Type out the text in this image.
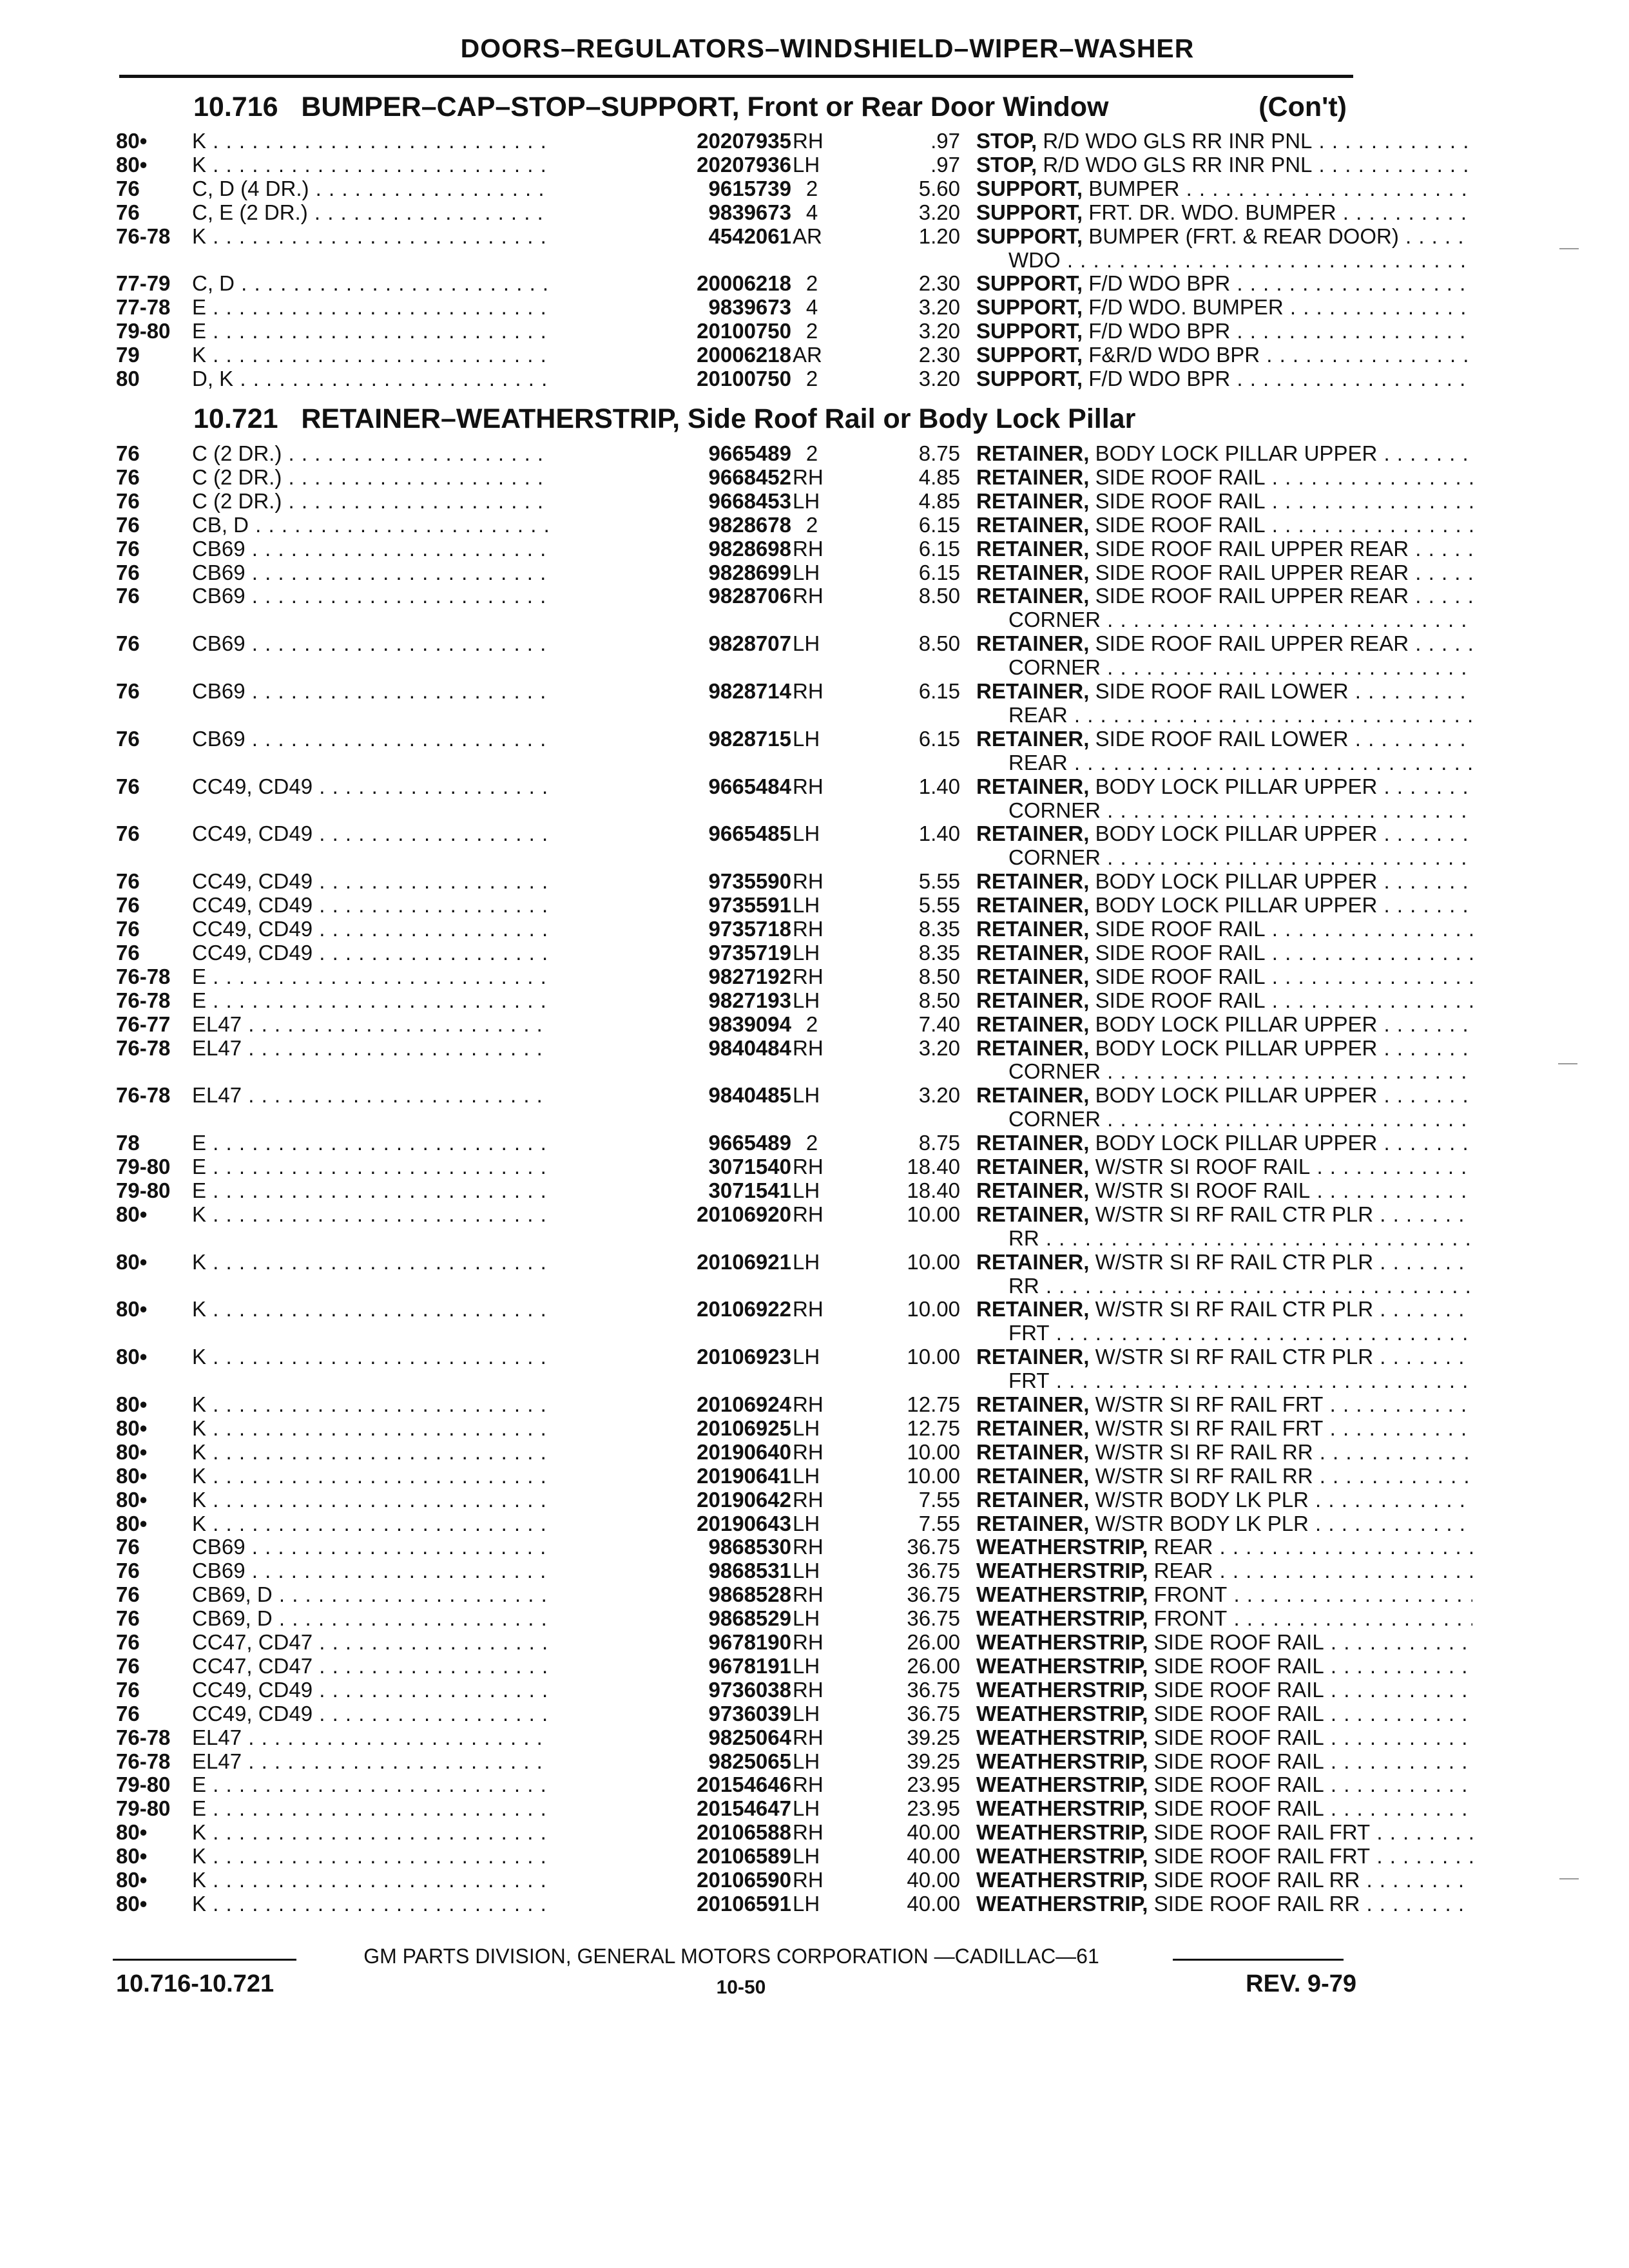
DOORS–REGULATORS–WINDSHIELD–WIPER–WASHER
10.716 BUMPER–CAP–STOP–SUPPORT, Front or Rear Door Window	(Con't)
80• K . . .	20207935 RH	.97 STOP, R/D WDO GLS RR INR PNL . . .
80• K . . .	20207936 LH	.97 STOP, R/D WDO GLS RR INR PNL . . .
76 C, D (4 DR.) . . .	9615739 2	5.60 SUPPORT, BUMPER . . .
76 C, E (2 DR.) . . .	9839673 4	3.20 SUPPORT, FRT. DR. WDO. BUMPER . . .
76-78 K . . .	4542061 AR	1.20 SUPPORT, BUMPER (FRT. & REAR DOOR) . . .
WDO . . .
77-79 C, D . . .	20006218 2	2.30 SUPPORT, F/D WDO BPR . . .
77-78 E . . .	9839673 4	3.20 SUPPORT, F/D WDO. BUMPER . . .
79-80 E . . .	20100750 2	3.20 SUPPORT, F/D WDO BPR . . .
79 K . . .	20006218 AR	2.30 SUPPORT, F&R/D WDO BPR . . .
80 D, K . . .	20100750 2	3.20 SUPPORT, F/D WDO BPR . . .
10.721 RETAINER–WEATHERSTRIP, Side Roof Rail or Body Lock Pillar
76 C (2 DR.) . . .	9665489 2	8.75 RETAINER, BODY LOCK PILLAR UPPER . . .
76 C (2 DR.) . . .	9668452 RH	4.85 RETAINER, SIDE ROOF RAIL . . .
76 C (2 DR.) . . .	9668453 LH	4.85 RETAINER, SIDE ROOF RAIL . . .
76 CB, D . . .	9828678 2	6.15 RETAINER, SIDE ROOF RAIL . . .
76 CB69 . . .	9828698 RH	6.15 RETAINER, SIDE ROOF RAIL UPPER REAR . . .
76 CB69 . . .	9828699 LH	6.15 RETAINER, SIDE ROOF RAIL UPPER REAR . . .
76 CB69 . . .	9828706 RH	8.50 RETAINER, SIDE ROOF RAIL UPPER REAR . . .
CORNER . . .
76 CB69 . . .	9828707 LH	8.50 RETAINER, SIDE ROOF RAIL UPPER REAR . . .
CORNER . . .
76 CB69 . . .	9828714 RH	6.15 RETAINER, SIDE ROOF RAIL LOWER . . .
REAR . . .
76 CB69 . . .	9828715 LH	6.15 RETAINER, SIDE ROOF RAIL LOWER . . .
REAR . . .
76 CC49, CD49 . . .	9665484 RH	1.40 RETAINER, BODY LOCK PILLAR UPPER . . .
CORNER . . .
76 CC49, CD49 . . .	9665485 LH	1.40 RETAINER, BODY LOCK PILLAR UPPER . . .
CORNER . . .
76 CC49, CD49 . . .	9735590 RH	5.55 RETAINER, BODY LOCK PILLAR UPPER . . .
76 CC49, CD49 . . .	9735591 LH	5.55 RETAINER, BODY LOCK PILLAR UPPER . . .
76 CC49, CD49 . . .	9735718 RH	8.35 RETAINER, SIDE ROOF RAIL . . .
76 CC49, CD49 . . .	9735719 LH	8.35 RETAINER, SIDE ROOF RAIL . . .
76-78 E . . .	9827192 RH	8.50 RETAINER, SIDE ROOF RAIL . . .
76-78 E . . .	9827193 LH	8.50 RETAINER, SIDE ROOF RAIL . . .
76-77 EL47 . . .	9839094 2	7.40 RETAINER, BODY LOCK PILLAR UPPER . . .
76-78 EL47 . . .	9840484 RH	3.20 RETAINER, BODY LOCK PILLAR UPPER . . .
CORNER . . .
76-78 EL47 . . .	9840485 LH	3.20 RETAINER, BODY LOCK PILLAR UPPER . . .
CORNER . . .
78 E . . .	9665489 2	8.75 RETAINER, BODY LOCK PILLAR UPPER . . .
79-80 E . . .	3071540 RH	18.40 RETAINER, W/STR SI ROOF RAIL . . .
79-80 E . . .	3071541 LH	18.40 RETAINER, W/STR SI ROOF RAIL . . .
80• K . . .	20106920 RH	10.00 RETAINER, W/STR SI RF RAIL CTR PLR . . .
RR . . .
80• K . . .	20106921 LH	10.00 RETAINER, W/STR SI RF RAIL CTR PLR . . .
RR . . .
80• K . . .	20106922 RH	10.00 RETAINER, W/STR SI RF RAIL CTR PLR . . .
FRT . . .
80• K . . .	20106923 LH	10.00 RETAINER, W/STR SI RF RAIL CTR PLR . . .
FRT . . .
80• K . . .	20106924 RH	12.75 RETAINER, W/STR SI RF RAIL FRT . . .
80• K . . .	20106925 LH	12.75 RETAINER, W/STR SI RF RAIL FRT . . .
80• K . . .	20190640 RH	10.00 RETAINER, W/STR SI RF RAIL RR . . .
80• K . . .	20190641 LH	10.00 RETAINER, W/STR SI RF RAIL RR . . .
80• K . . .	20190642 RH	7.55 RETAINER, W/STR BODY LK PLR . . .
80• K . . .	20190643 LH	7.55 RETAINER, W/STR BODY LK PLR . . .
76 CB69 . . .	9868530 RH	36.75 WEATHERSTRIP, REAR . . .
76 CB69 . . .	9868531 LH	36.75 WEATHERSTRIP, REAR . . .
76 CB69, D . . .	9868528 RH	36.75 WEATHERSTRIP, FRONT . . .
76 CB69, D . . .	9868529 LH	36.75 WEATHERSTRIP, FRONT . . .
76 CC47, CD47 . . .	9678190 RH	26.00 WEATHERSTRIP, SIDE ROOF RAIL . . .
76 CC47, CD47 . . .	9678191 LH	26.00 WEATHERSTRIP, SIDE ROOF RAIL . . .
76 CC49, CD49 . . .	9736038 RH	36.75 WEATHERSTRIP, SIDE ROOF RAIL . . .
76 CC49, CD49 . . .	9736039 LH	36.75 WEATHERSTRIP, SIDE ROOF RAIL . . .
76-78 EL47 . . .	9825064 RH	39.25 WEATHERSTRIP, SIDE ROOF RAIL . . .
76-78 EL47 . . .	9825065 LH	39.25 WEATHERSTRIP, SIDE ROOF RAIL . . .
79-80 E . . .	20154646 RH	23.95 WEATHERSTRIP, SIDE ROOF RAIL . . .
79-80 E . . .	20154647 LH	23.95 WEATHERSTRIP, SIDE ROOF RAIL . . .
80• K . . .	20106588 RH	40.00 WEATHERSTRIP, SIDE ROOF RAIL FRT . . .
80• K . . .	20106589 LH	40.00 WEATHERSTRIP, SIDE ROOF RAIL FRT . . .
80• K . . .	20106590 RH	40.00 WEATHERSTRIP, SIDE ROOF RAIL RR . . .
80• K . . .	20106591 LH	40.00 WEATHERSTRIP, SIDE ROOF RAIL RR . . .
GM PARTS DIVISION, GENERAL MOTORS CORPORATION —CADILLAC—61
10.716-10.721	10-50	REV. 9-79
